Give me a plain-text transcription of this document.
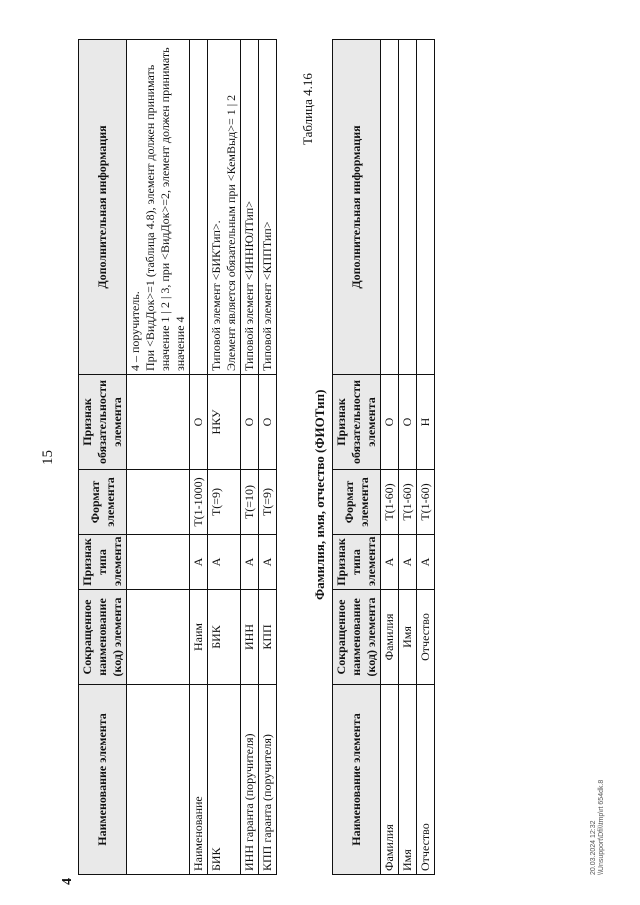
15
4
Наименование элемента	Сокращенное наименование (код) элемента	Признак типа элемента	Формат элемента	Признак обязательности элемента	Дополнительная информация

					4 – поручитель. При <ВидДок>=1 (таблица 4.8), элемент должен принимать значение 1 | 2 | 3, при <ВидДок>=2, элемент должен принимать значение 4

Наименование	Наим	А	Т(1-1000)	О	
БИК	БИК	А	Т(=9)	НКУ	Типовой элемент <БИКТип>. Элемент является обязательным при <КемВыд>= 1 | 2

ИНН гаранта (поручителя)	ИНН	А	Т(=10)	О	Типовой элемент <ИННЮЛТип>

КПП гаранта (поручителя)	КПП	А	Т(=9)	О	Типовой элемент <КППТип>
Таблица 4.16
Фамилия, имя, отчество (ФИОТип)
Наименование элемента	Сокращенное наименование (код) элемента	Признак типа элемента	Формат элемента	Признак обязательности элемента	Дополнительная информация
Фамилия	Фамилия	А	Т(1-60)	О	
Имя	Имя	А	Т(1-60)	О	
Отчество	Отчество	А	Т(1-60)	Н	
20.03.2024 12:32 \\Unsupport\Dfi\\tmp\rt 654dk.8
